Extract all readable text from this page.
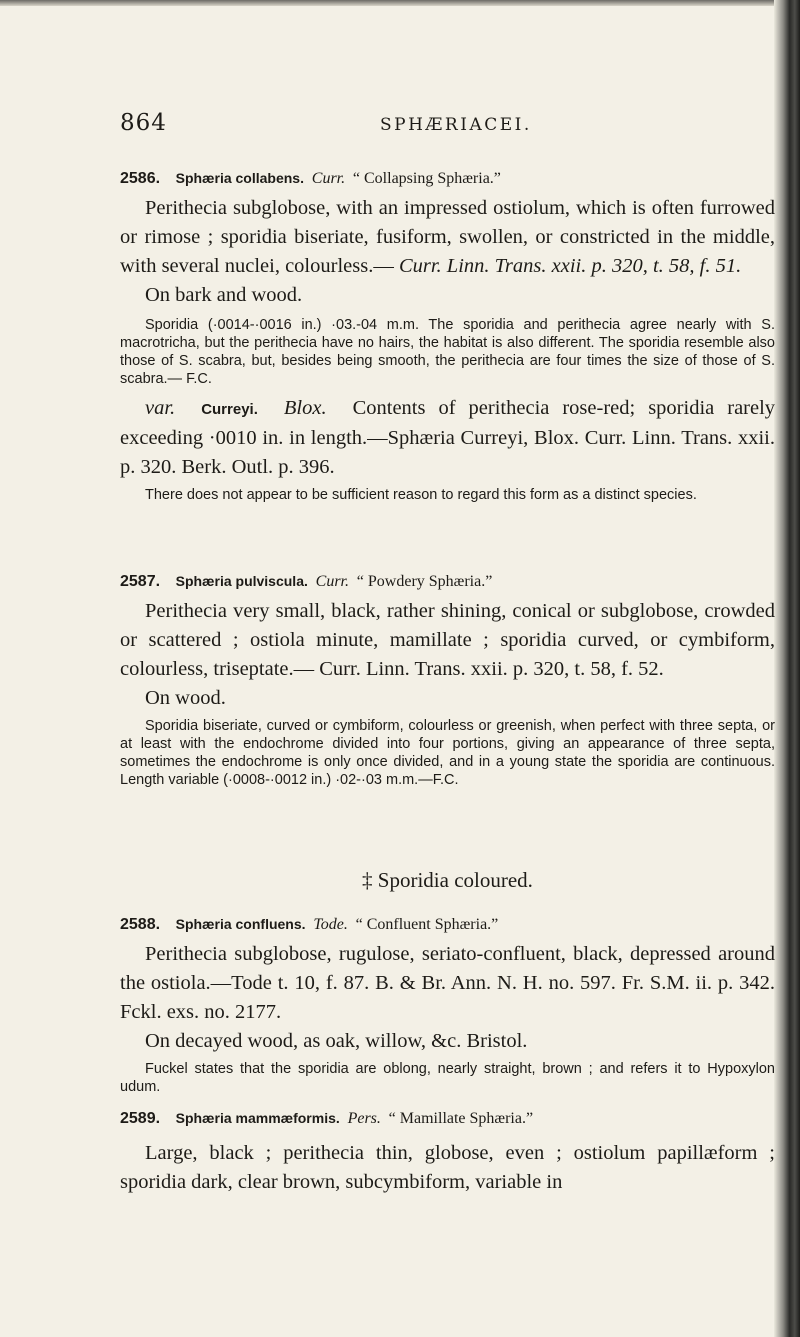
864	SPHÆRIACEI.

2586. Sphæria collabens. Curr. “ Collapsing Sphæria.”

Perithecia subglobose, with an impressed ostiolum, which is often furrowed or rimose ; sporidia biseriate, fusiform, swollen, or constricted in the middle, with several nuclei, colourless.— Curr. Linn. Trans. xxii. p. 320, t. 58, f. 51.

On bark and wood.

Sporidia (·0014-·0016 in.) ·03.-04 m.m. The sporidia and perithecia agree nearly with S. macrotricha, but the perithecia have no hairs, the habitat is also different. The sporidia resemble also those of S. scabra, but, besides being smooth, the perithecia are four times the size of those of S. scabra.— F.C.

var. Curreyi. Blox. Contents of perithecia rose-red; sporidia rarely exceeding ·0010 in. in length.—Sphæria Curreyi, Blox. Curr. Linn. Trans. xxii. p. 320. Berk. Outl. p. 396.

There does not appear to be sufficient reason to regard this form as a distinct species.

2587. Sphæria pulviscula. Curr. “ Powdery Sphæria.”

Perithecia very small, black, rather shining, conical or subglobose, crowded or scattered ; ostiola minute, mamillate ; sporidia curved, or cymbiform, colourless, triseptate.— Curr. Linn. Trans. xxii. p. 320, t. 58, f. 52.

On wood.

Sporidia biseriate, curved or cymbiform, colourless or greenish, when perfect with three septa, or at least with the endochrome divided into four portions, giving an appearance of three septa, sometimes the endochrome is only once divided, and in a young state the sporidia are continuous. Length variable (·0008-·0012 in.) ·02-·03 m.m.—F.C.

‡ Sporidia coloured.

2588. Sphæria confluens. Tode. “ Confluent Sphæria.”

Perithecia subglobose, rugulose, seriato-confluent, black, depressed around the ostiola.—Tode t. 10, f. 87. B. & Br. Ann. N. H. no. 597. Fr. S.M. ii. p. 342. Fckl. exs. no. 2177.

On decayed wood, as oak, willow, &c. Bristol.

Fuckel states that the sporidia are oblong, nearly straight, brown ; and refers it to Hypoxylon udum.

2589. Sphæria mammæformis. Pers. “ Mamillate Sphæria.”

Large, black ; perithecia thin, globose, even ; ostiolum papillæform ; sporidia dark, clear brown, subcymbiform, variable in
